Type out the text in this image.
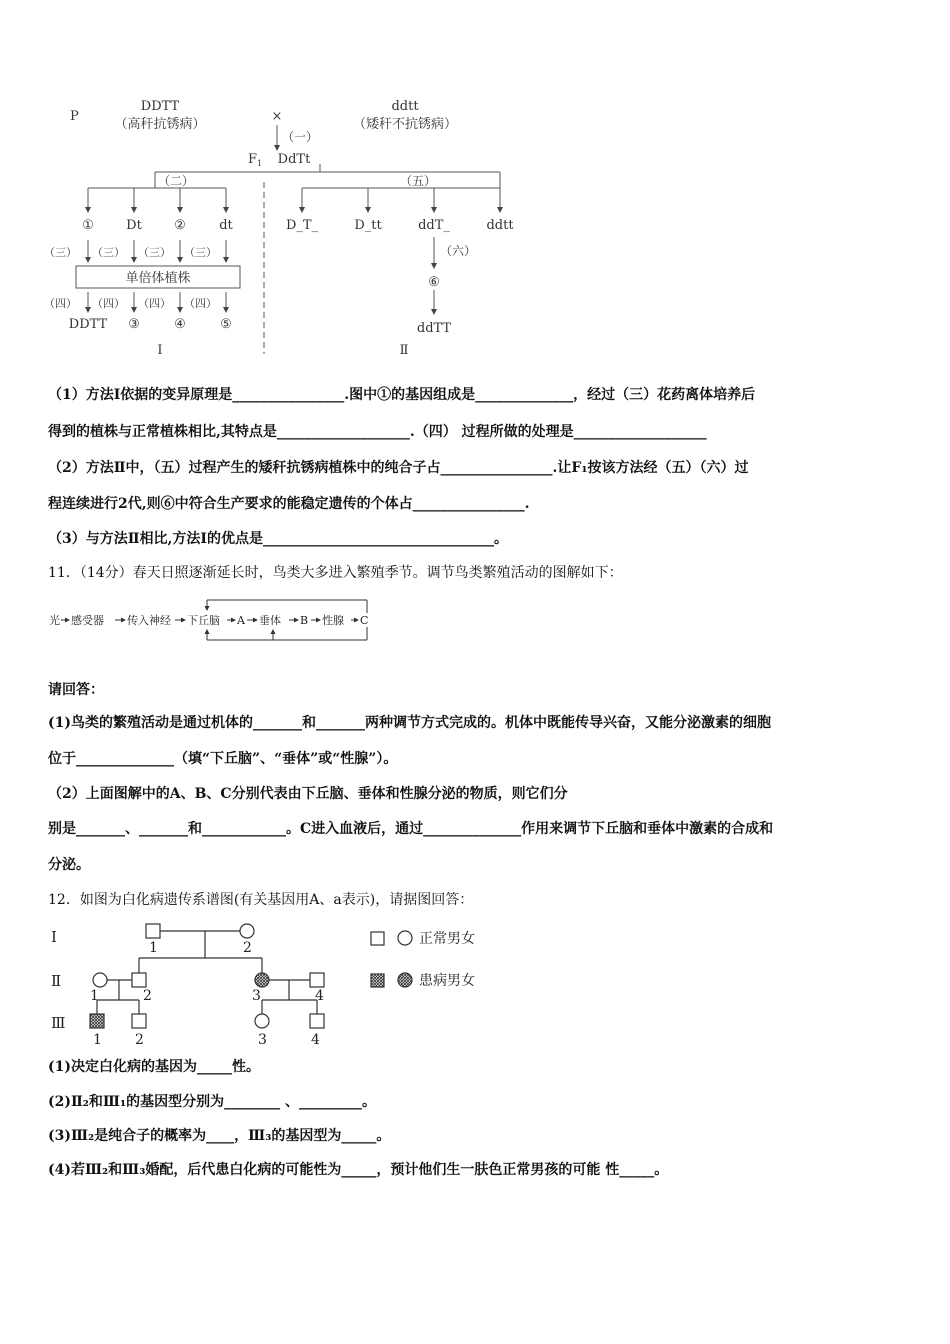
P
DDTT
（高秆抗锈病）
×
ddtt
（矮秆不抗锈病）
（一）
F 1 DdTt
（二）	（五）
① Dt ②	dt
（三） （三） （三） （三）
单倍体植株
（四） （四） （四） （四）
DDTT ③	④	⑤
D_T_	D_tt	ddT_	ddtt
（六）
⑥
ddTT
Ⅰ	Ⅱ
（1）方法Ⅰ依据的变异原理是________________.图中①的基因组成是______________，经过（三）花药离体培养后
得到的植株与正常植株相比,其特点是___________________.（四） 过程所做的处理是___________________
（2）方法Ⅱ中，（五）过程产生的矮秆抗锈病植株中的纯合子占________________.让F₁按该方法经（五）（六）过
程连续进行2代,则⑥中符合生产要求的能稳定遗传的个体占________________.
（3）与方法Ⅱ相比,方法Ⅰ的优点是_________________________________。
11．（14分）春天日照逐渐延长时，鸟类大多进入繁殖季节。调节鸟类繁殖活动的图解如下：
光 感受器 传入神经 下丘脑 A 垂体 B 性腺 C
请回答：
(1)鸟类的繁殖活动是通过机体的_______和_______两种调节方式完成的。机体中既能传导兴奋，又能分泌激素的细胞
位于______________（填“下丘脑”、“垂体”或“性腺”）。
（2）上面图解中的A、B、C分别代表由下丘脑、垂体和性腺分泌的物质，则它们分
别是_______、_______和____________。C进入血液后，通过______________作用来调节下丘脑和垂体中激素的合成和
分泌。
12．如图为白化病遗传系谱图(有关基因用A、a表示)，请据图回答：
Ⅰ
Ⅱ
Ⅲ
1	2
1	2	3	4
1 2	3	4
正常男女
患病男女
(1)决定白化病的基因为_____性。
(2)Ⅱ₂和Ⅲ₁的基因型分别为________ 、_________。
(3)Ⅲ₂是纯合子的概率为____，Ⅲ₃的基因型为_____。
(4)若Ⅲ₂和Ⅲ₃婚配，后代患白化病的可能性为_____，预计他们生一肤色正常男孩的可能 性_____。
